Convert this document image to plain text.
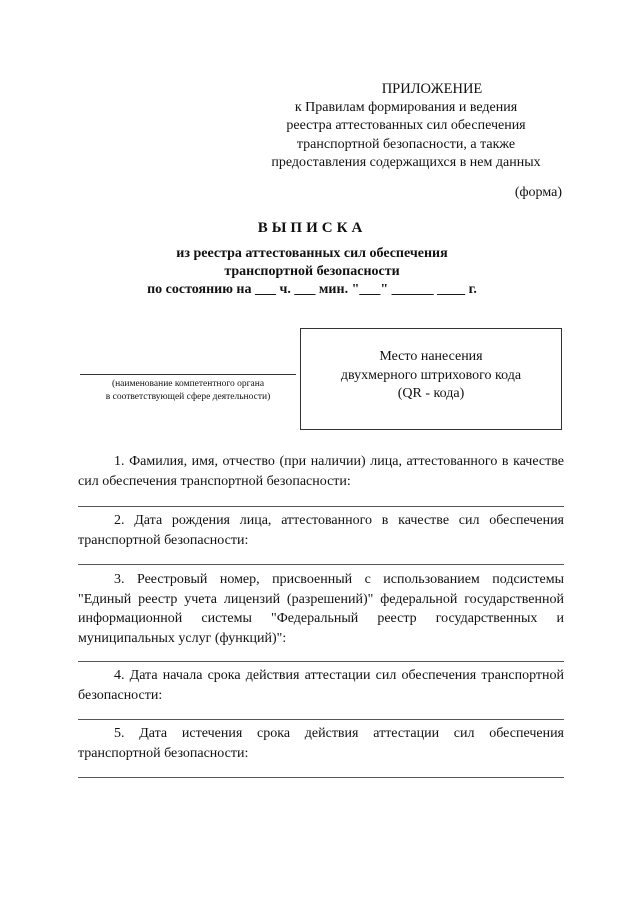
ПРИЛОЖЕНИЕ
к Правилам формирования и ведения
реестра аттестованных сил обеспечения
транспортной безопасности, а также
предоставления содержащихся в нем данных
(форма)
ВЫПИСКА
из реестра аттестованных сил обеспечения
транспортной безопасности
по состоянию на ___ ч. ___ мин. "___" ______ ____ г.
(наименование компетентного органа
в соответствующей сфере деятельности)
Место нанесения
двухмерного штрихового кода
(QR - кода)
1. Фамилия, имя, отчество (при наличии) лица, аттестованного в качестве сил обеспечения транспортной безопасности:
2. Дата рождения лица, аттестованного в качестве сил обеспечения транспортной безопасности:
3. Реестровый номер, присвоенный с использованием подсистемы "Единый реестр учета лицензий (разрешений)" федеральной государственной информационной системы "Федеральный реестр государственных и муниципальных услуг (функций)":
4. Дата начала срока действия аттестации сил обеспечения транспортной безопасности:
5. Дата истечения срока действия аттестации сил обеспечения транспортной безопасности:
